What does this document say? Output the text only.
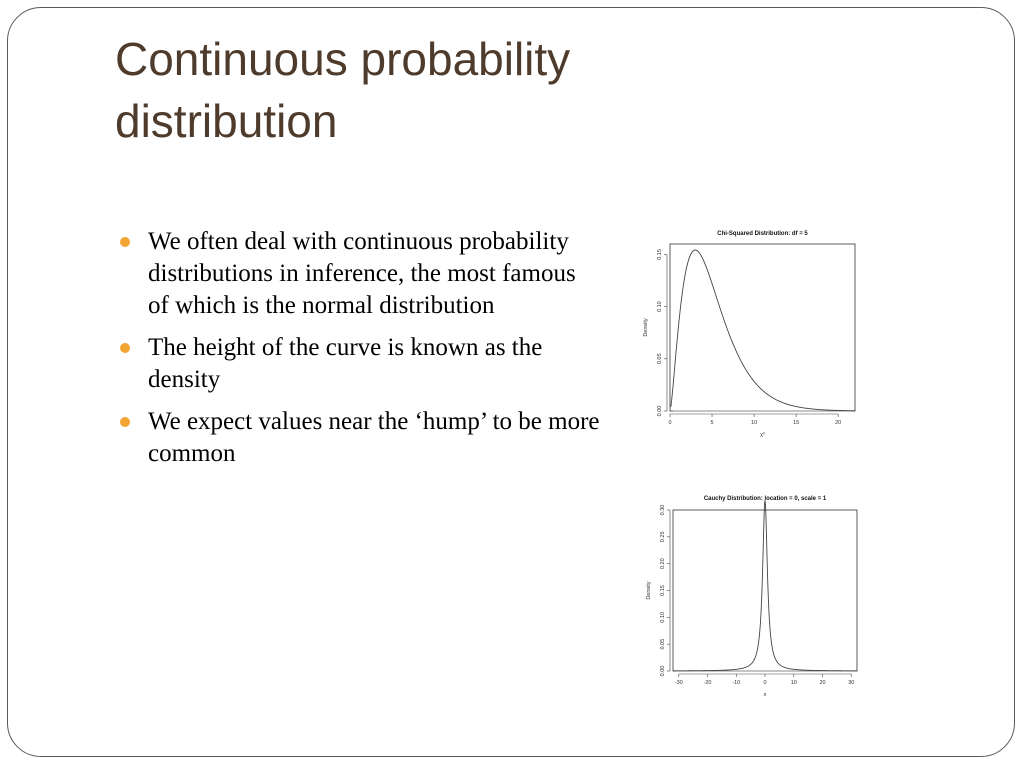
Continuous probability
distribution
We often deal with continuous probability distributions in inference, the most famous of which is the normal distribution
The height of the curve is known as the density
We expect values near the ‘hump’ to be more common
Chi-Squared Distribution: df = 5
0	5	10	15	20
χ²
0.00
0.05
0.10
0.15
Density
Cauchy Distribution: location = 0, scale = 1
-30	-20	-10	0	10	20	30
x
0.00
0.05
0.10
0.15
0.20
0.25
0.30
Density
